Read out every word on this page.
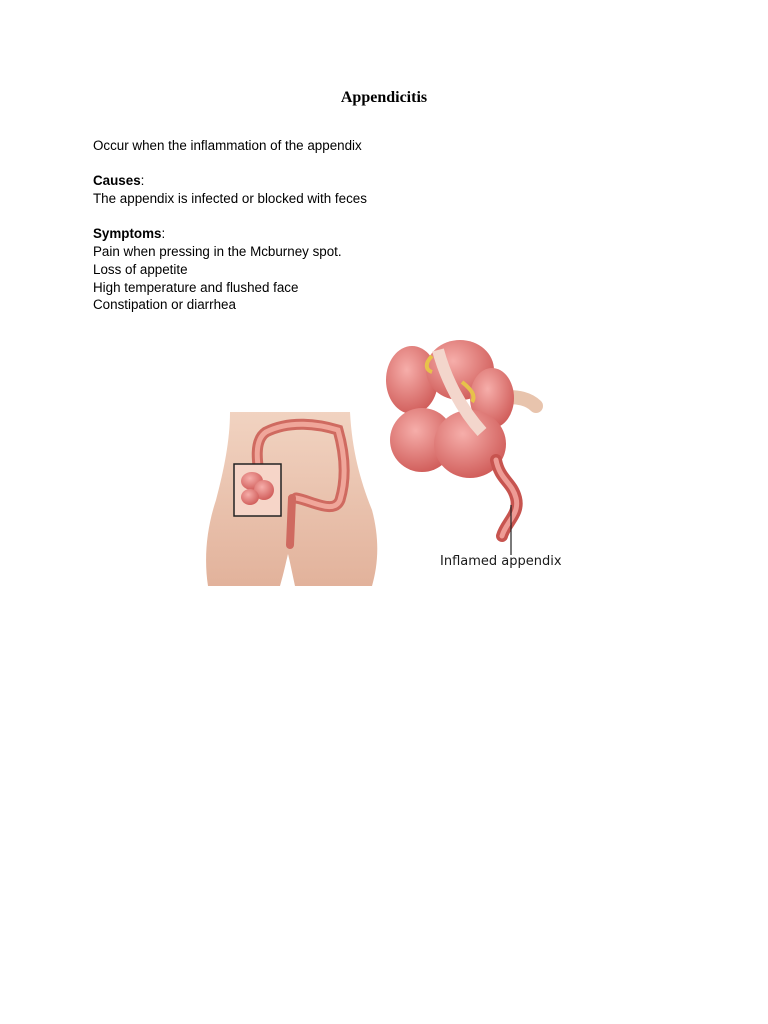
Appendicitis

Occur when the inflammation of the appendix

Causes:

The appendix is infected or blocked with feces

Symptoms:

Pain when pressing in the Mcburney spot.

Loss of appetite

High temperature and flushed face

Constipation or diarrhea

Inflamed appendix
